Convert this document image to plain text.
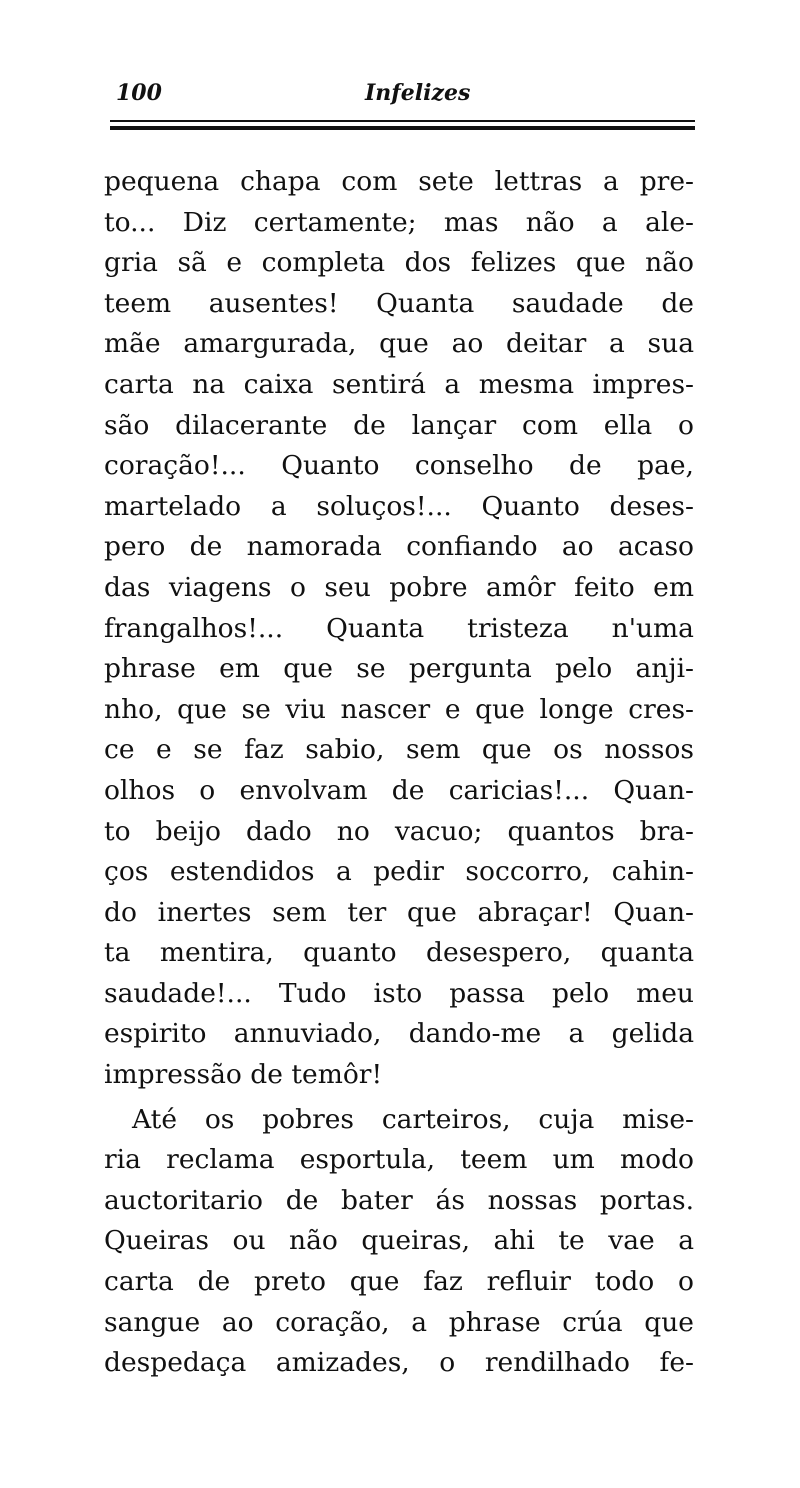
100	Infelizes
pequena chapa com sete lettras a pre-
to... Diz certamente; mas não a ale-
gria sã e completa dos felizes que não
teem ausentes! Quanta saudade de
mãe amargurada, que ao deitar a sua
carta na caixa sentirá a mesma impres-
são dilacerante de lançar com ella o
coração!... Quanto conselho de pae,
martelado a soluços!... Quanto deses-
pero de namorada confiando ao acaso
das viagens o seu pobre amôr feito em
frangalhos!... Quanta tristeza n'uma
phrase em que se pergunta pelo anji-
nho, que se viu nascer e que longe cres-
ce e se faz sabio, sem que os nossos
olhos o envolvam de caricias!... Quan-
to beijo dado no vacuo; quantos bra-
ços estendidos a pedir soccorro, cahin-
do inertes sem ter que abraçar! Quan-
ta mentira, quanto desespero, quanta
saudade!... Tudo isto passa pelo meu
espirito annuviado, dando-me a gelida
impressão de temôr!
Até os pobres carteiros, cuja mise-
ria reclama esportula, teem um modo
auctoritario de bater ás nossas portas.
Queiras ou não queiras, ahi te vae a
carta de preto que faz refluir todo o
sangue ao coração, a phrase crúa que
despedaça amizades, o rendilhado fe-
